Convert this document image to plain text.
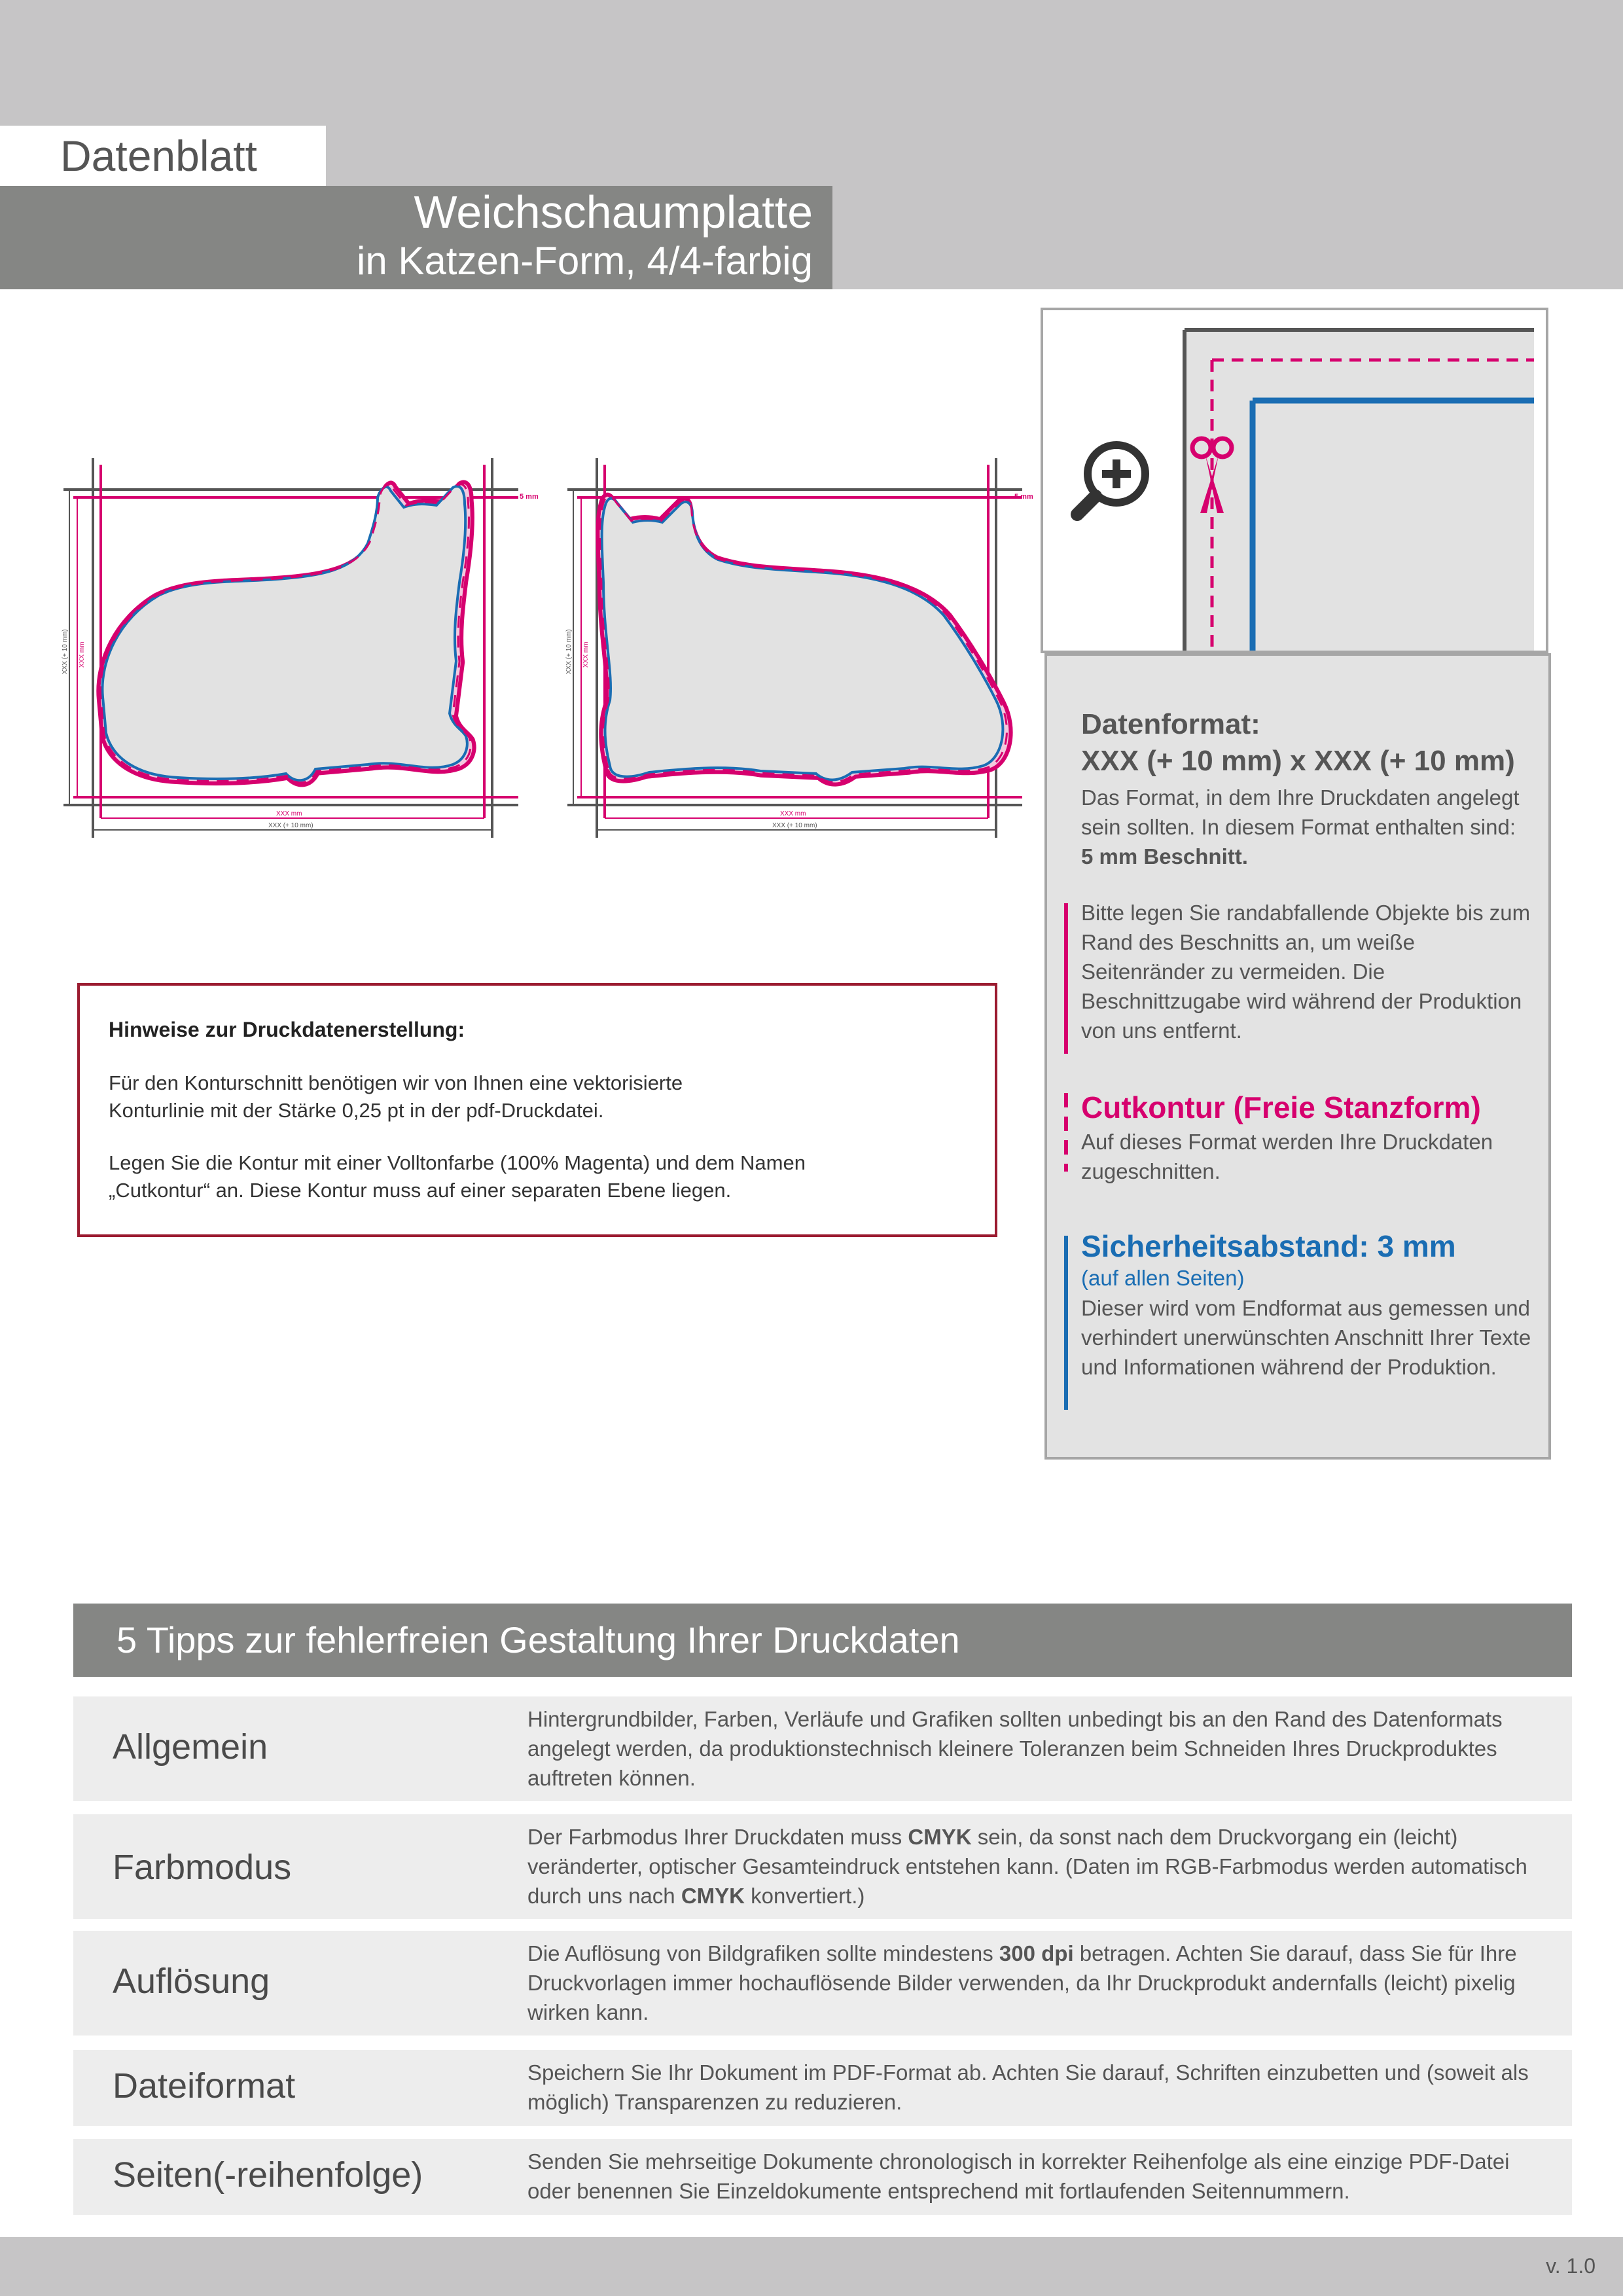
Datenblatt
Weichschaumplatte
in Katzen-Form, 4/4-farbig
5 mm
XXX mm
XXX (+ 10 mm)
XXX (+ 10 mm) XXX mm
5 mm
XXX mm
XXX (+ 10 mm)
XXX (+ 10 mm) XXX mm
Datenformat:
XXX (+ 10 mm) x XXX (+ 10 mm)
Das Format, in dem Ihre Druckdaten angelegt sein sollten. In diesem Format enthalten sind: 5 mm Beschnitt.
Bitte legen Sie randabfallende Objekte bis zum Rand des Beschnitts an, um weiße Seitenränder zu vermeiden. Die Beschnittzugabe wird während der Produktion von uns entfernt.
Cutkontur (Freie Stanzform)
Auf dieses Format werden Ihre Druckdaten zugeschnitten.
Sicherheitsabstand: 3 mm
(auf allen Seiten)
Dieser wird vom Endformat aus gemessen und verhindert unerwünschten Anschnitt Ihrer Texte und Informationen während der Produktion.
Hinweise zur Druckdatenerstellung:
Für den Konturschnitt benötigen wir von Ihnen eine vektorisierte Konturlinie mit der Stärke 0,25 pt in der pdf-Druckdatei.
Legen Sie die Kontur mit einer Volltonfarbe (100% Magenta) und dem Namen „Cutkontur“ an. Diese Kontur muss auf einer separaten Ebene liegen.
5 Tipps zur fehlerfreien Gestaltung Ihrer Druckdaten
Allgemein
Hintergrundbilder, Farben, Verläufe und Grafiken sollten unbedingt bis an den Rand des Datenformats angelegt werden, da produktionstechnisch kleinere Toleranzen beim Schneiden Ihres Druckproduktes auftreten können.
Farbmodus
Der Farbmodus Ihrer Druckdaten muss CMYK sein, da sonst nach dem Druckvorgang ein (leicht) veränderter, optischer Gesamteindruck entstehen kann. (Daten im RGB-Farbmodus werden automatisch durch uns nach CMYK konvertiert.)
Auflösung
Die Auflösung von Bildgrafiken sollte mindestens 300 dpi betragen. Achten Sie darauf, dass Sie für Ihre Druckvorlagen immer hochauflösende Bilder verwenden, da Ihr Druckprodukt andernfalls (leicht) pixelig wirken kann.
Dateiformat	Speichern Sie Ihr Dokument im PDF-Format ab. Achten Sie darauf, Schriften einzubetten und (soweit als möglich) Transparenzen zu reduzieren.
Seiten(-reihenfolge)	Senden Sie mehrseitige Dokumente chronologisch in korrekter Reihenfolge als eine einzige PDF-Datei oder benennen Sie Einzeldokumente entsprechend mit fortlaufenden Seitennummern.
v. 1.0
